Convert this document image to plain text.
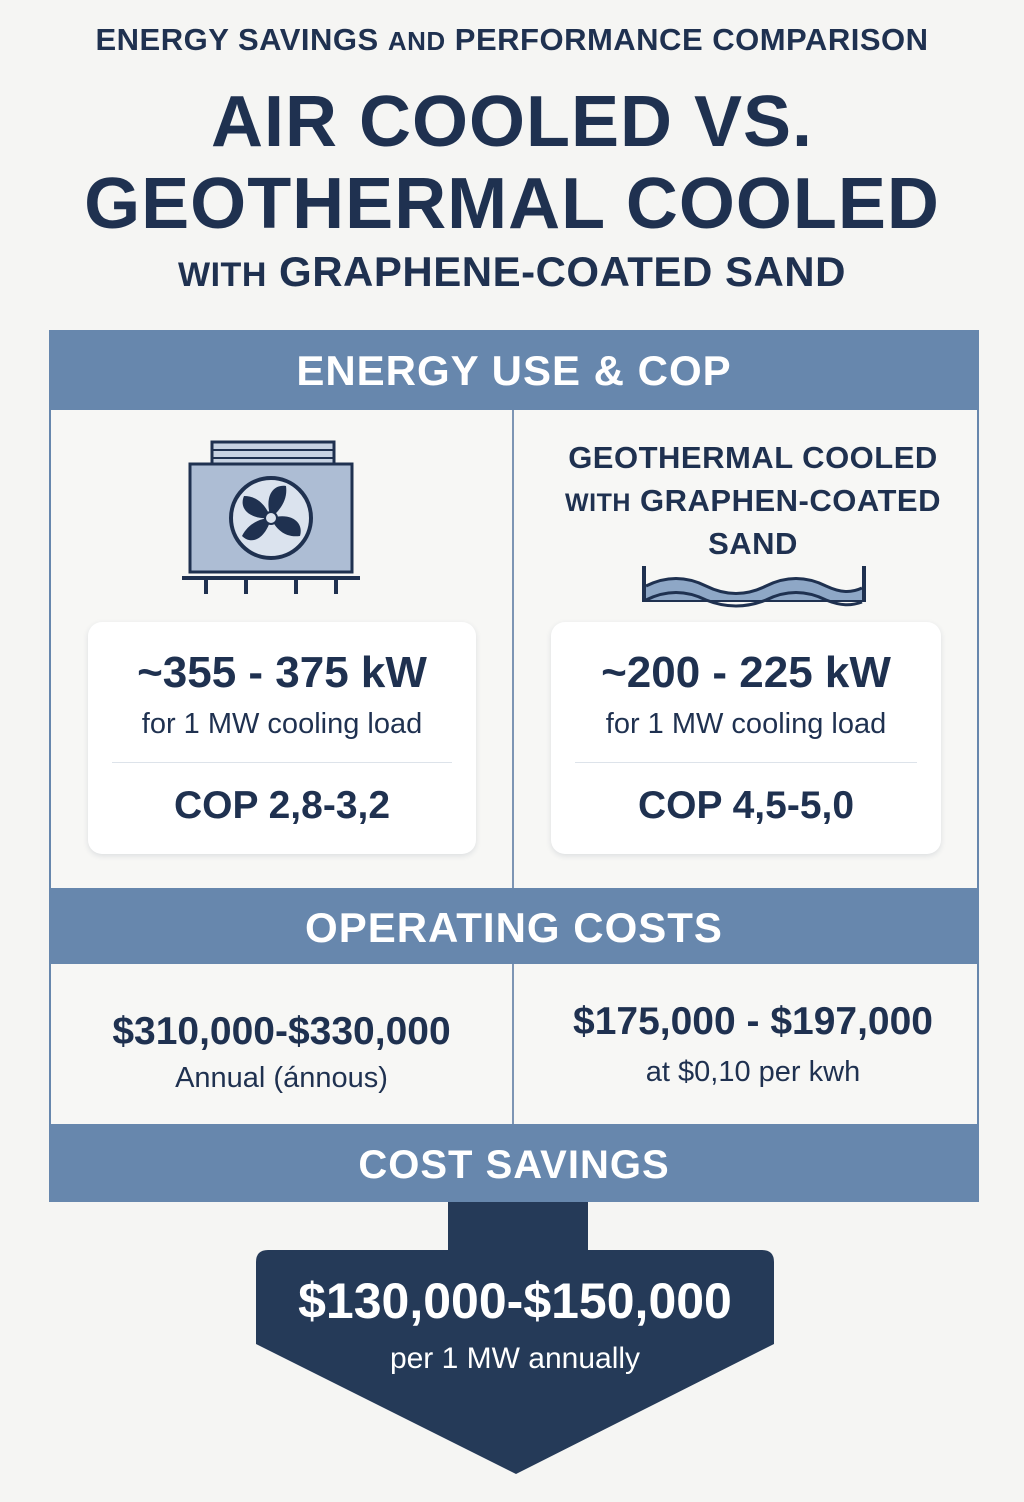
ENERGY SAVINGS AND PERFORMANCE COMPARISON
AIR COOLED VS.
GEOTHERMAL COOLED
WITH GRAPHENE-COATED SAND
ENERGY USE & COP
OPERATING COSTS
COST SAVINGS
GEOTHERMAL COOLED
WITH GRAPHEN-COATED
SAND
~355 - 375 kW
for 1 MW cooling load
COP 2,8-3,2
~200 - 225 kW
for 1 MW cooling load
COP 4,5-5,0
$310,000-$330,000
Annual (ánnous)
$175,000 - $197,000
at $0,10 per kwh
$130,000-$150,000
per 1 MW annually
